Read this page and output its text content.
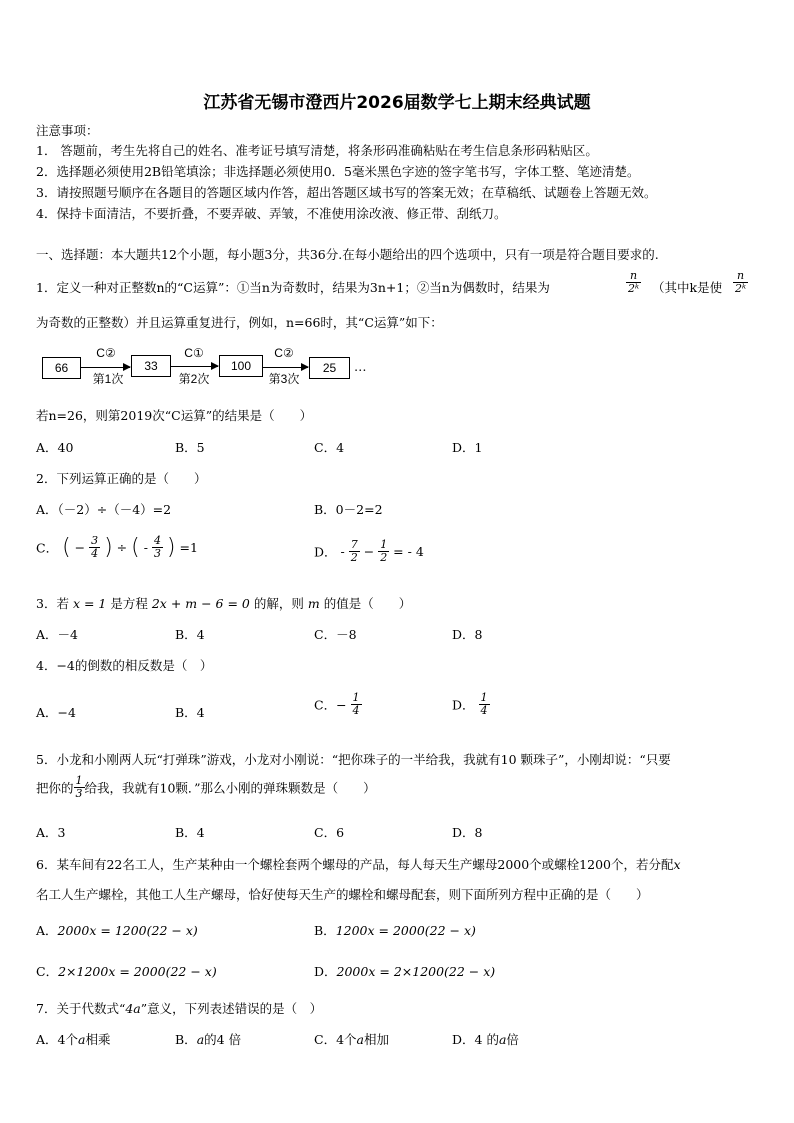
江苏省无锡市澄西片2026届数学七上期末经典试题
注意事项：
1． 答题前，考生先将自己的姓名、准考证号填写清楚，将条形码准确粘贴在考生信息条形码粘贴区。
2．选择题必须使用2B铅笔填涂；非选择题必须使用0．5毫米黑色字迹的签字笔书写，字体工整、笔迹清楚。
3．请按照题号顺序在各题目的答题区域内作答，超出答题区域书写的答案无效；在草稿纸、试题卷上答题无效。
4．保持卡面清洁，不要折叠，不要弄破、弄皱，不准使用涂改液、修正带、刮纸刀。
一、选择题：本大题共12个小题，每小题3分，共36分.在每小题给出的四个选项中，只有一项是符合题目要求的.
1．定义一种对正整数n的“C运算”：①当n为奇数时，结果为3n+1；②当n为偶数时，结果为	$\frac{n}{\text{2ᵏ}}$ （其中k是使 $\frac{n}{\text{2ᵏ}}$
为奇数的正整数）并且运算重复进行，例如，n=66时，其“C运算”如下：
66
C②
第1次
33
C①
第2次
100
C②
第3次
25	…
若n=26，则第2019次“C运算”的结果是（　　）
A．40	B．5	C．4	D．1
2．下列运算正确的是（　　）
A．（－2）÷（－4）=2	B．0－2=2
C． ( − $\frac{3}{4}$ ) ÷ ( - $\frac{4}{3}$ ) =1	D． - $\frac{7}{2} - \frac{1}{2}$ = - 4
3．若 x = 1 是方程 2x + m − 6 = 0 的解，则 m 的值是（　　）
A．－4	B．4	C．－8	D．8
4．−4的倒数的相反数是（　）
A．−4	B．4	C．− $\frac{1}{4}$	D． $\frac{1}{4}$
5．小龙和小刚两人玩“打弹珠”游戏，小龙对小刚说：“把你珠子的一半给我，我就有10 颗珠子”，小刚却说：“只要
把你的 $\frac{1}{3}$ 给我，我就有10颗．”那么小刚的弹珠颗数是（　　）
A．3	B．4	C．6	D．8
6．某车间有22名工人，生产某种由一个螺栓套两个螺母的产品，每人每天生产螺母2000个或螺栓1200个，若分配x
名工人生产螺栓，其他工人生产螺母，恰好使每天生产的螺栓和螺母配套，则下面所列方程中正确的是（　　）
A．2000x = 1200(22 − x)	B．1200x = 2000(22 − x)
C．2×1200x = 2000(22 − x)	D．2000x = 2×1200(22 − x)
7．关于代数式“4a”意义，下列表述错误的是（　）
A．4个a相乘	B．a的4 倍	C．4个a相加	D．4 的a倍
